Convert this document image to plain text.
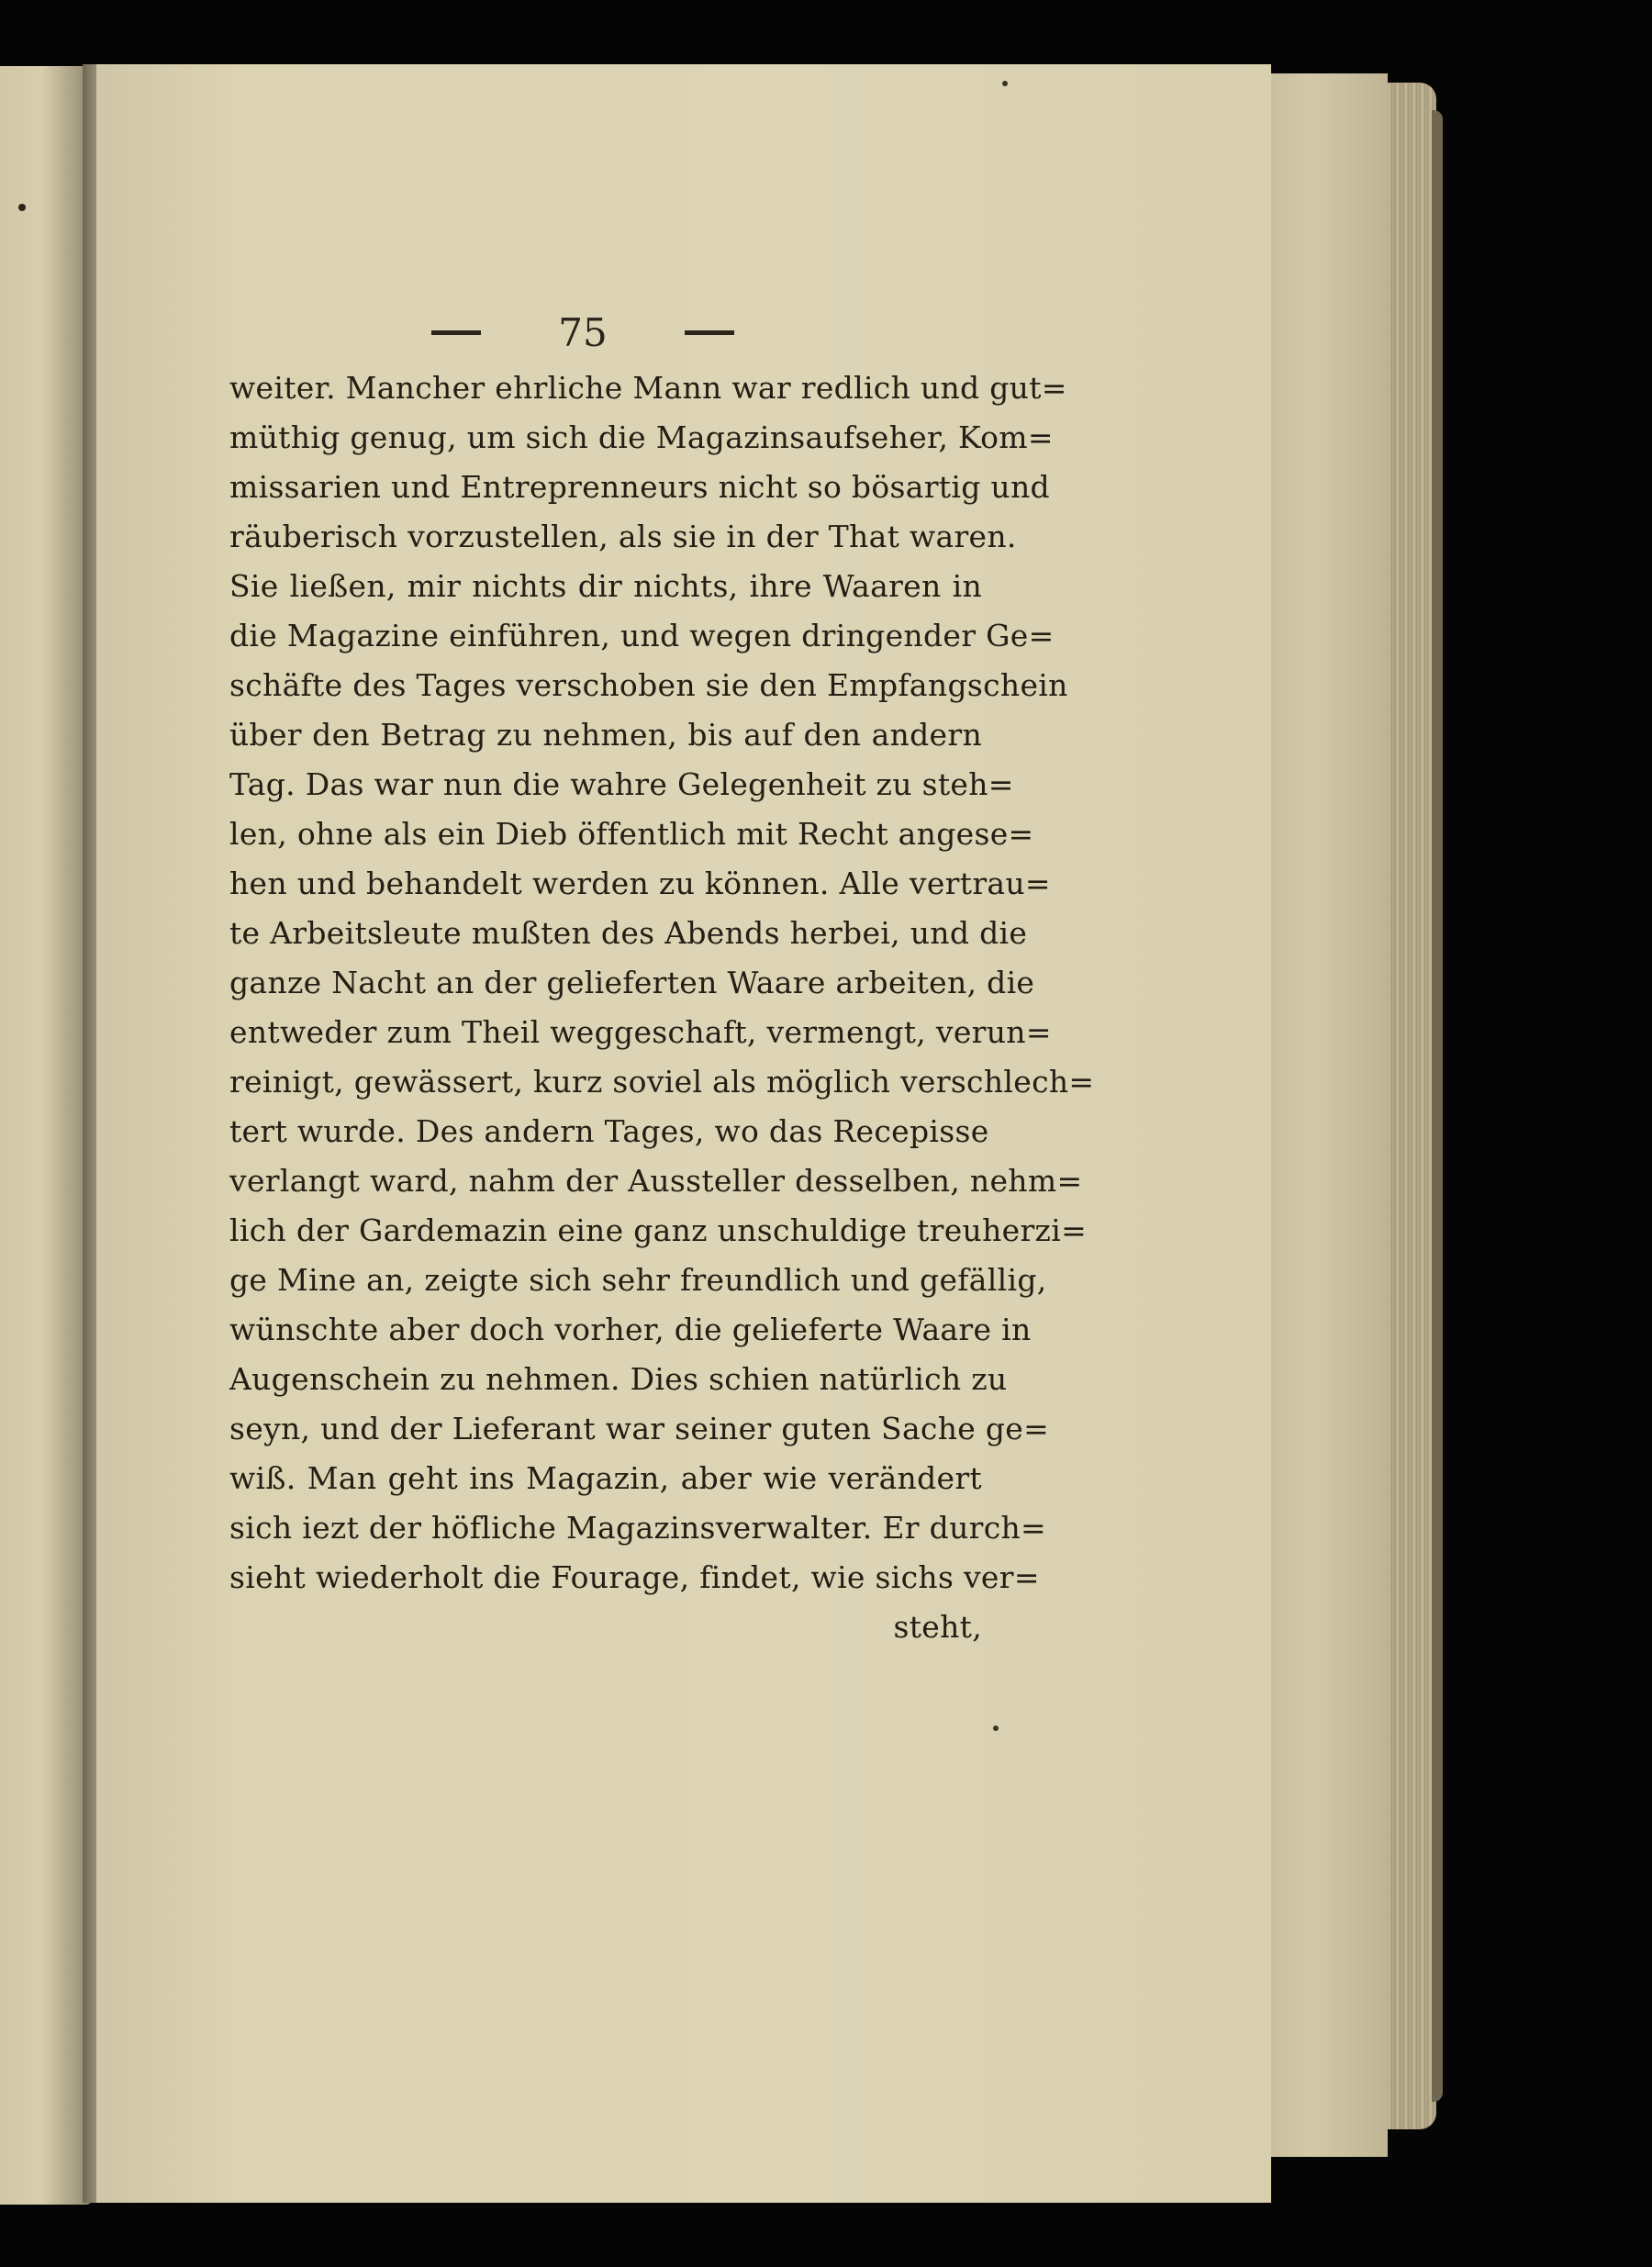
75
weiter. Mancher ehrliche Mann war redlich und gut=
müthig genug, um sich die Magazinsaufseher, Kom=
missarien und Entreprenneurs nicht so bösartig und
räuberisch vorzustellen, als sie in der That waren.
Sie ließen, mir nichts dir nichts, ihre Waaren in
die Magazine einführen, und wegen dringender Ge=
schäfte des Tages verschoben sie den Empfangschein
über den Betrag zu nehmen, bis auf den andern
Tag. Das war nun die wahre Gelegenheit zu steh=
len, ohne als ein Dieb öffentlich mit Recht angese=
hen und behandelt werden zu können. Alle vertrau=
te Arbeitsleute mußten des Abends herbei, und die
ganze Nacht an der gelieferten Waare arbeiten, die
entweder zum Theil weggeschaft, vermengt, verun=
reinigt, gewässert, kurz soviel als möglich verschlech=
tert wurde. Des andern Tages, wo das Recepisse
verlangt ward, nahm der Aussteller desselben, nehm=
lich der Gardemazin eine ganz unschuldige treuherzi=
ge Mine an, zeigte sich sehr freundlich und gefällig,
wünschte aber doch vorher, die gelieferte Waare in
Augenschein zu nehmen. Dies schien natürlich zu
seyn, und der Lieferant war seiner guten Sache ge=
wiß. Man geht ins Magazin, aber wie verändert
sich iezt der höfliche Magazinsverwalter. Er durch=
sieht wiederholt die Fourage, findet, wie sichs ver=
steht,
